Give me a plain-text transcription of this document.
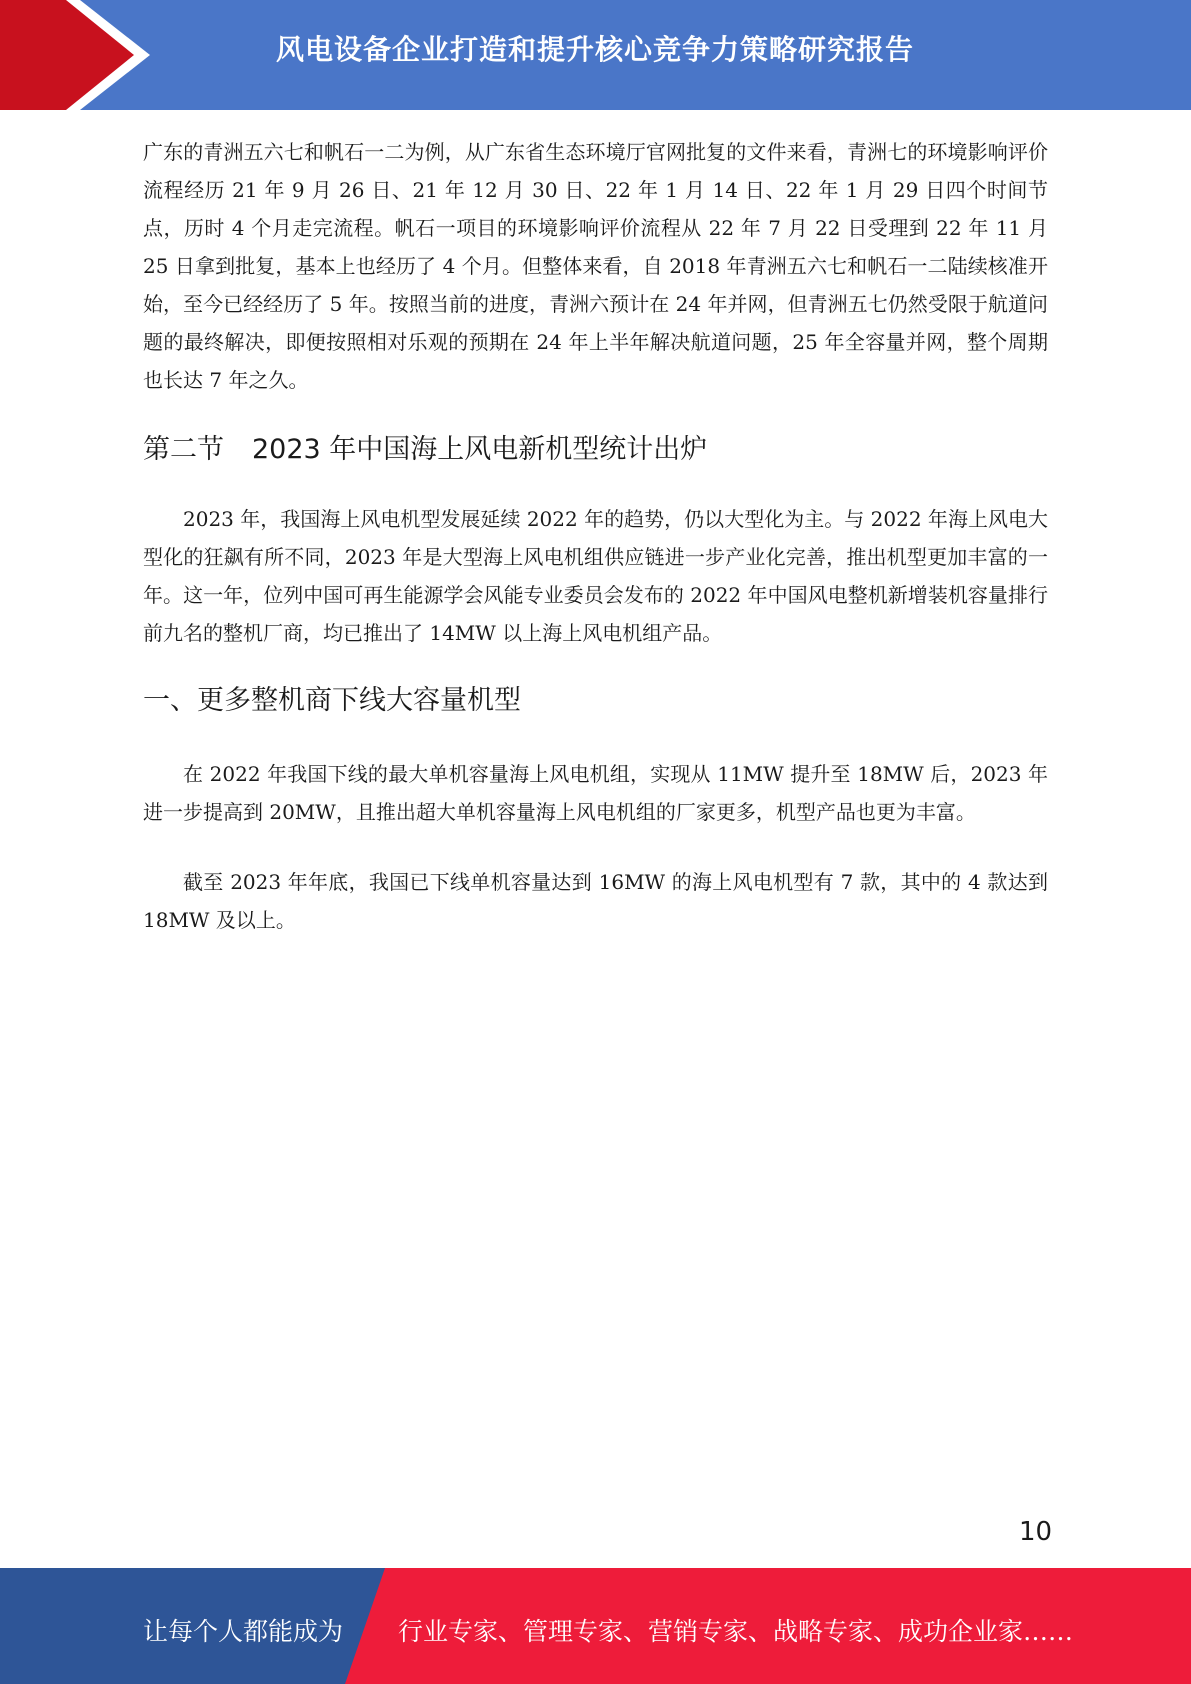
风电设备企业打造和提升核心竞争力策略研究报告

广东的青洲五六七和帆石一二为例，从广东省生态环境厅官网批复的文件来看，青洲七的环境影响评价流程经历 21 年 9 月 26 日、21 年 12 月 30 日、22 年 1 月 14 日、22 年 1 月 29 日四个时间节点，历时 4 个月走完流程。帆石一项目的环境影响评价流程从 22 年 7 月 22 日受理到 22 年 11 月 25 日拿到批复，基本上也经历了 4 个月。但整体来看，自 2018 年青洲五六七和帆石一二陆续核准开始，至今已经经历了 5 年。按照当前的进度，青洲六预计在 24 年并网，但青洲五七仍然受限于航道问题的最终解决，即便按照相对乐观的预期在 24 年上半年解决航道问题，25 年全容量并网，整个周期也长达 7 年之久。

第二节 2023 年中国海上风电新机型统计出炉

2023 年，我国海上风电机型发展延续 2022 年的趋势，仍以大型化为主。与 2022 年海上风电大型化的狂飙有所不同，2023 年是大型海上风电机组供应链进一步产业化完善，推出机型更加丰富的一年。这一年，位列中国可再生能源学会风能专业委员会发布的 2022 年中国风电整机新增装机容量排行前九名的整机厂商，均已推出了 14MW 以上海上风电机组产品。

一、更多整机商下线大容量机型

在 2022 年我国下线的最大单机容量海上风电机组，实现从 11MW 提升至 18MW 后，2023 年进一步提高到 20MW，且推出超大单机容量海上风电机组的厂家更多，机型产品也更为丰富。

截至 2023 年年底，我国已下线单机容量达到 16MW 的海上风电机型有 7 款，其中的 4 款达到 18MW 及以上。

10
让每个人都能成为 行业专家、管理专家、营销专家、战略专家、成功企业家……
